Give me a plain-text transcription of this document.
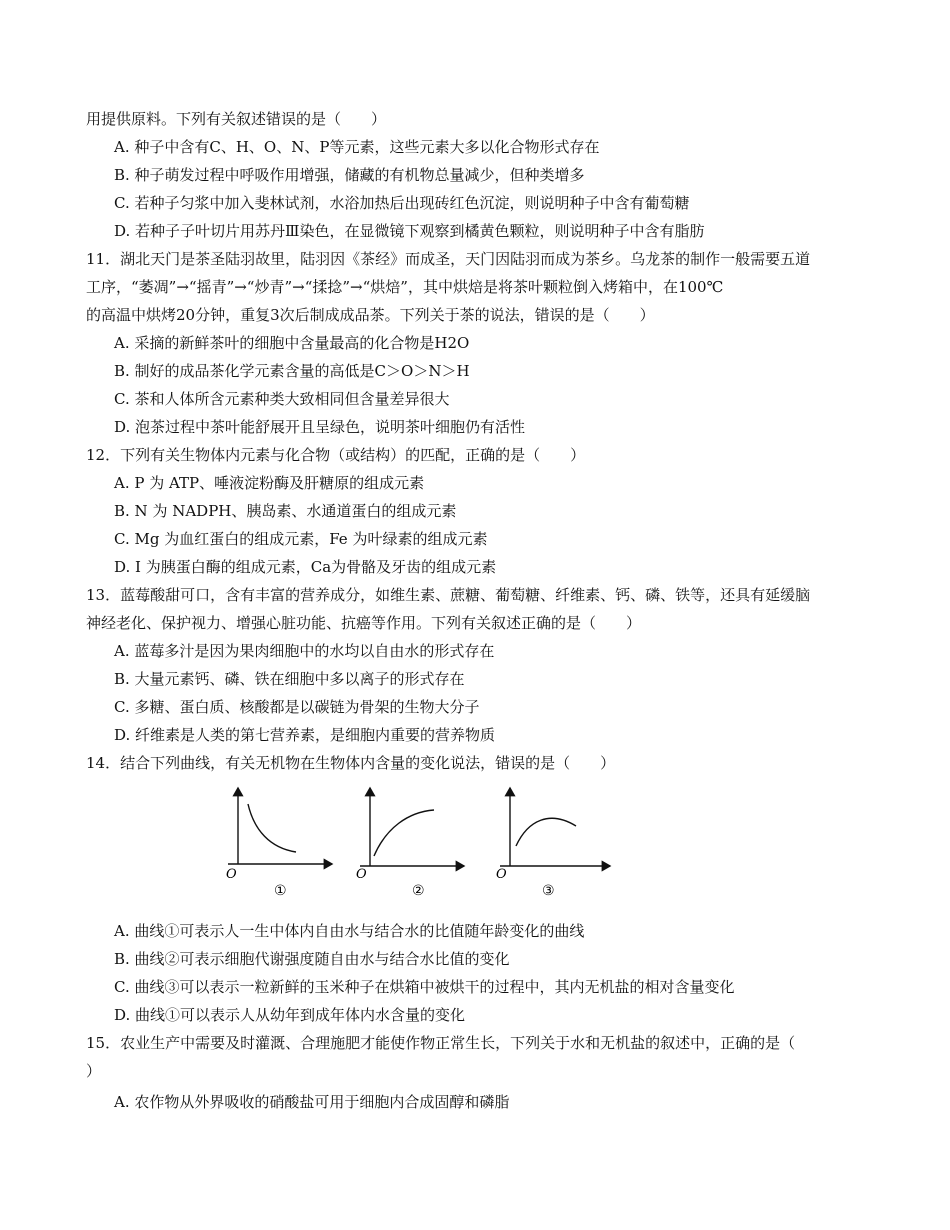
用提供原料。下列有关叙述错误的是（　　）
A. 种子中含有C、H、O、N、P等元素，这些元素大多以化合物形式存在
B. 种子萌发过程中呼吸作用增强，储藏的有机物总量减少，但种类增多
C. 若种子匀浆中加入斐林试剂，水浴加热后出现砖红色沉淀，则说明种子中含有葡萄糖
D. 若种子子叶切片用苏丹Ⅲ染色，在显微镜下观察到橘黄色颗粒，则说明种子中含有脂肪
11．湖北天门是茶圣陆羽故里，陆羽因《茶经》而成圣，天门因陆羽而成为茶乡。乌龙茶的制作一般需要五道
工序，“萎凋”→“摇青”→“炒青”→“揉捻”→“烘焙”，其中烘焙是将茶叶颗粒倒入烤箱中，在100℃
的高温中烘烤20分钟，重复3次后制成成品茶。下列关于茶的说法，错误的是（　　）
A. 采摘的新鲜茶叶的细胞中含量最高的化合物是H2O
B. 制好的成品茶化学元素含量的高低是C＞O＞N＞H
C. 茶和人体所含元素种类大致相同但含量差异很大
D. 泡茶过程中茶叶能舒展开且呈绿色，说明茶叶细胞仍有活性
12．下列有关生物体内元素与化合物（或结构）的匹配，正确的是（　　）
A. P 为 ATP、唾液淀粉酶及肝糖原的组成元素
B. N 为 NADPH、胰岛素、水通道蛋白的组成元素
C. Mg 为血红蛋白的组成元素，Fe 为叶绿素的组成元素
D. I 为胰蛋白酶的组成元素，Ca为骨骼及牙齿的组成元素
13．蓝莓酸甜可口，含有丰富的营养成分，如维生素、蔗糖、葡萄糖、纤维素、钙、磷、铁等，还具有延缓脑
神经老化、保护视力、增强心脏功能、抗癌等作用。下列有关叙述正确的是（　　）
A. 蓝莓多汁是因为果肉细胞中的水均以自由水的形式存在
B. 大量元素钙、磷、铁在细胞中多以离子的形式存在
C. 多糖、蛋白质、核酸都是以碳链为骨架的生物大分子
D. 纤维素是人类的第七营养素，是细胞内重要的营养物质
14．结合下列曲线，有关无机物在生物体内含量的变化说法，错误的是（　　）
O
①
O
②
O
③
A. 曲线①可表示人一生中体内自由水与结合水的比值随年龄变化的曲线
B. 曲线②可表示细胞代谢强度随自由水与结合水比值的变化
C. 曲线③可以表示一粒新鲜的玉米种子在烘箱中被烘干的过程中，其内无机盐的相对含量变化
D. 曲线①可以表示人从幼年到成年体内水含量的变化
15．农业生产中需要及时灌溉、合理施肥才能使作物正常生长，下列关于水和无机盐的叙述中，正确的是（
）
A. 农作物从外界吸收的硝酸盐可用于细胞内合成固醇和磷脂
